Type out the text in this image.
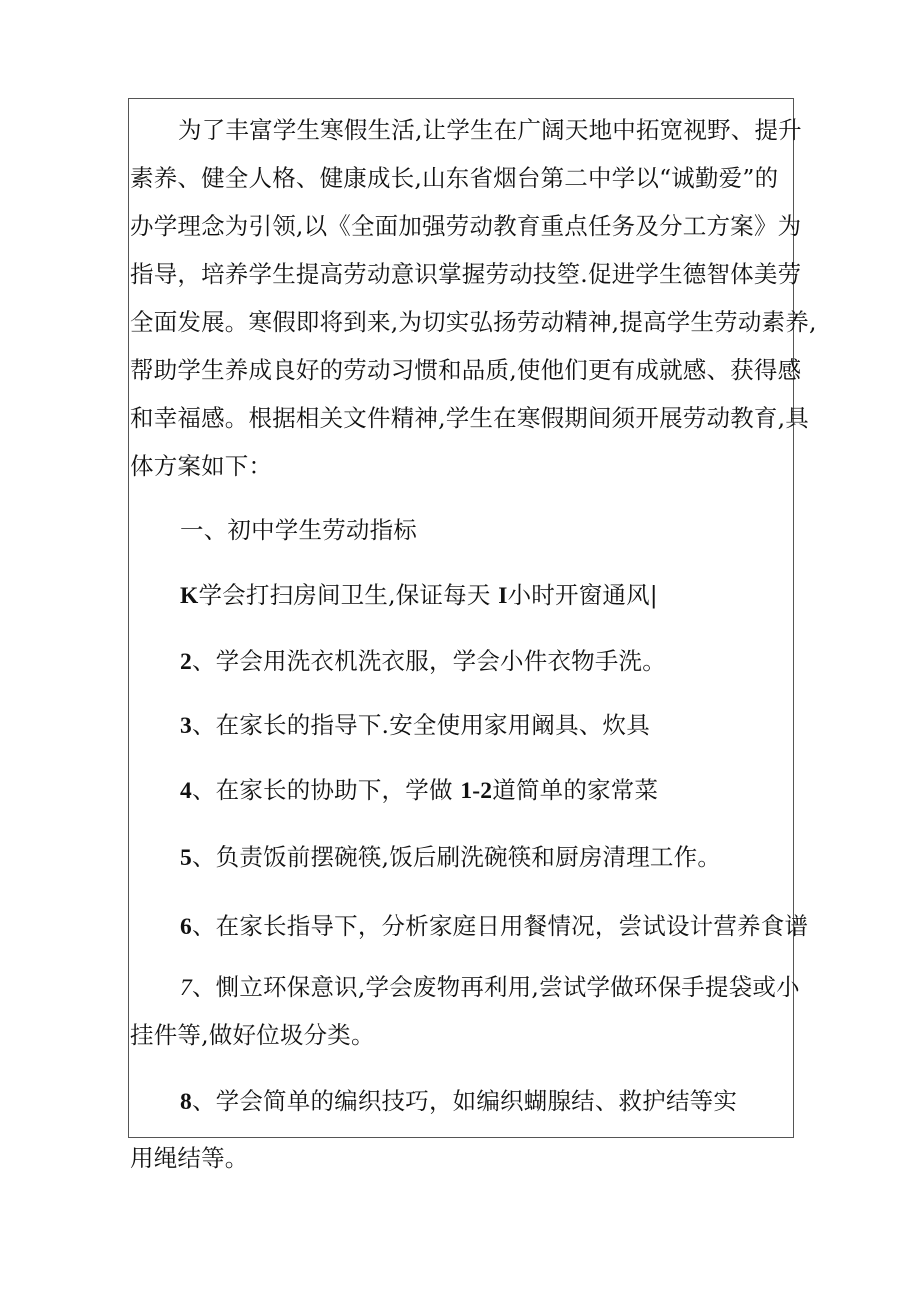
为了丰富学生寒假生活,让学生在广阔天地中拓宽视野、提升
素养、健全人格、健康成长,山东省烟台第二中学以“诚勤爱”的
办学理念为引领,以《全面加强劳动教育重点任务及分工方案》为
指导，培养学生提高劳动意识掌握劳动技箜.促进学生德智体美劳
全面发展。寒假即将到来,为切实弘扬劳动精神,提高学生劳动素养,
帮助学生养成良好的劳动习惯和品质,使他们更有成就感、获得感
和幸福感。根据相关文件精神,学生在寒假期间须开展劳动教育,具
体方案如下：
一、初中学生劳动指标
K学会打扫房间卫生,保证每天 I小时开窗通风|
2、学会用洗衣机洗衣服，学会小件衣物手洗。
3、在家长的指导下.安全使用家用阚具、炊具
4、在家长的协助下，学做 1-2道简单的家常菜
5、负责饭前摆碗筷,饭后刷洗碗筷和厨房清理工作。
6、在家长指导下，分析家庭日用餐情况，尝试设计营养食谱
7、惻立环保意识,学会废物再利用,尝试学做环保手提袋或小
挂件等,做好位圾分类。
8、学会简单的编织技巧，如编织蝴腺结、救护结等实
用绳结等。
